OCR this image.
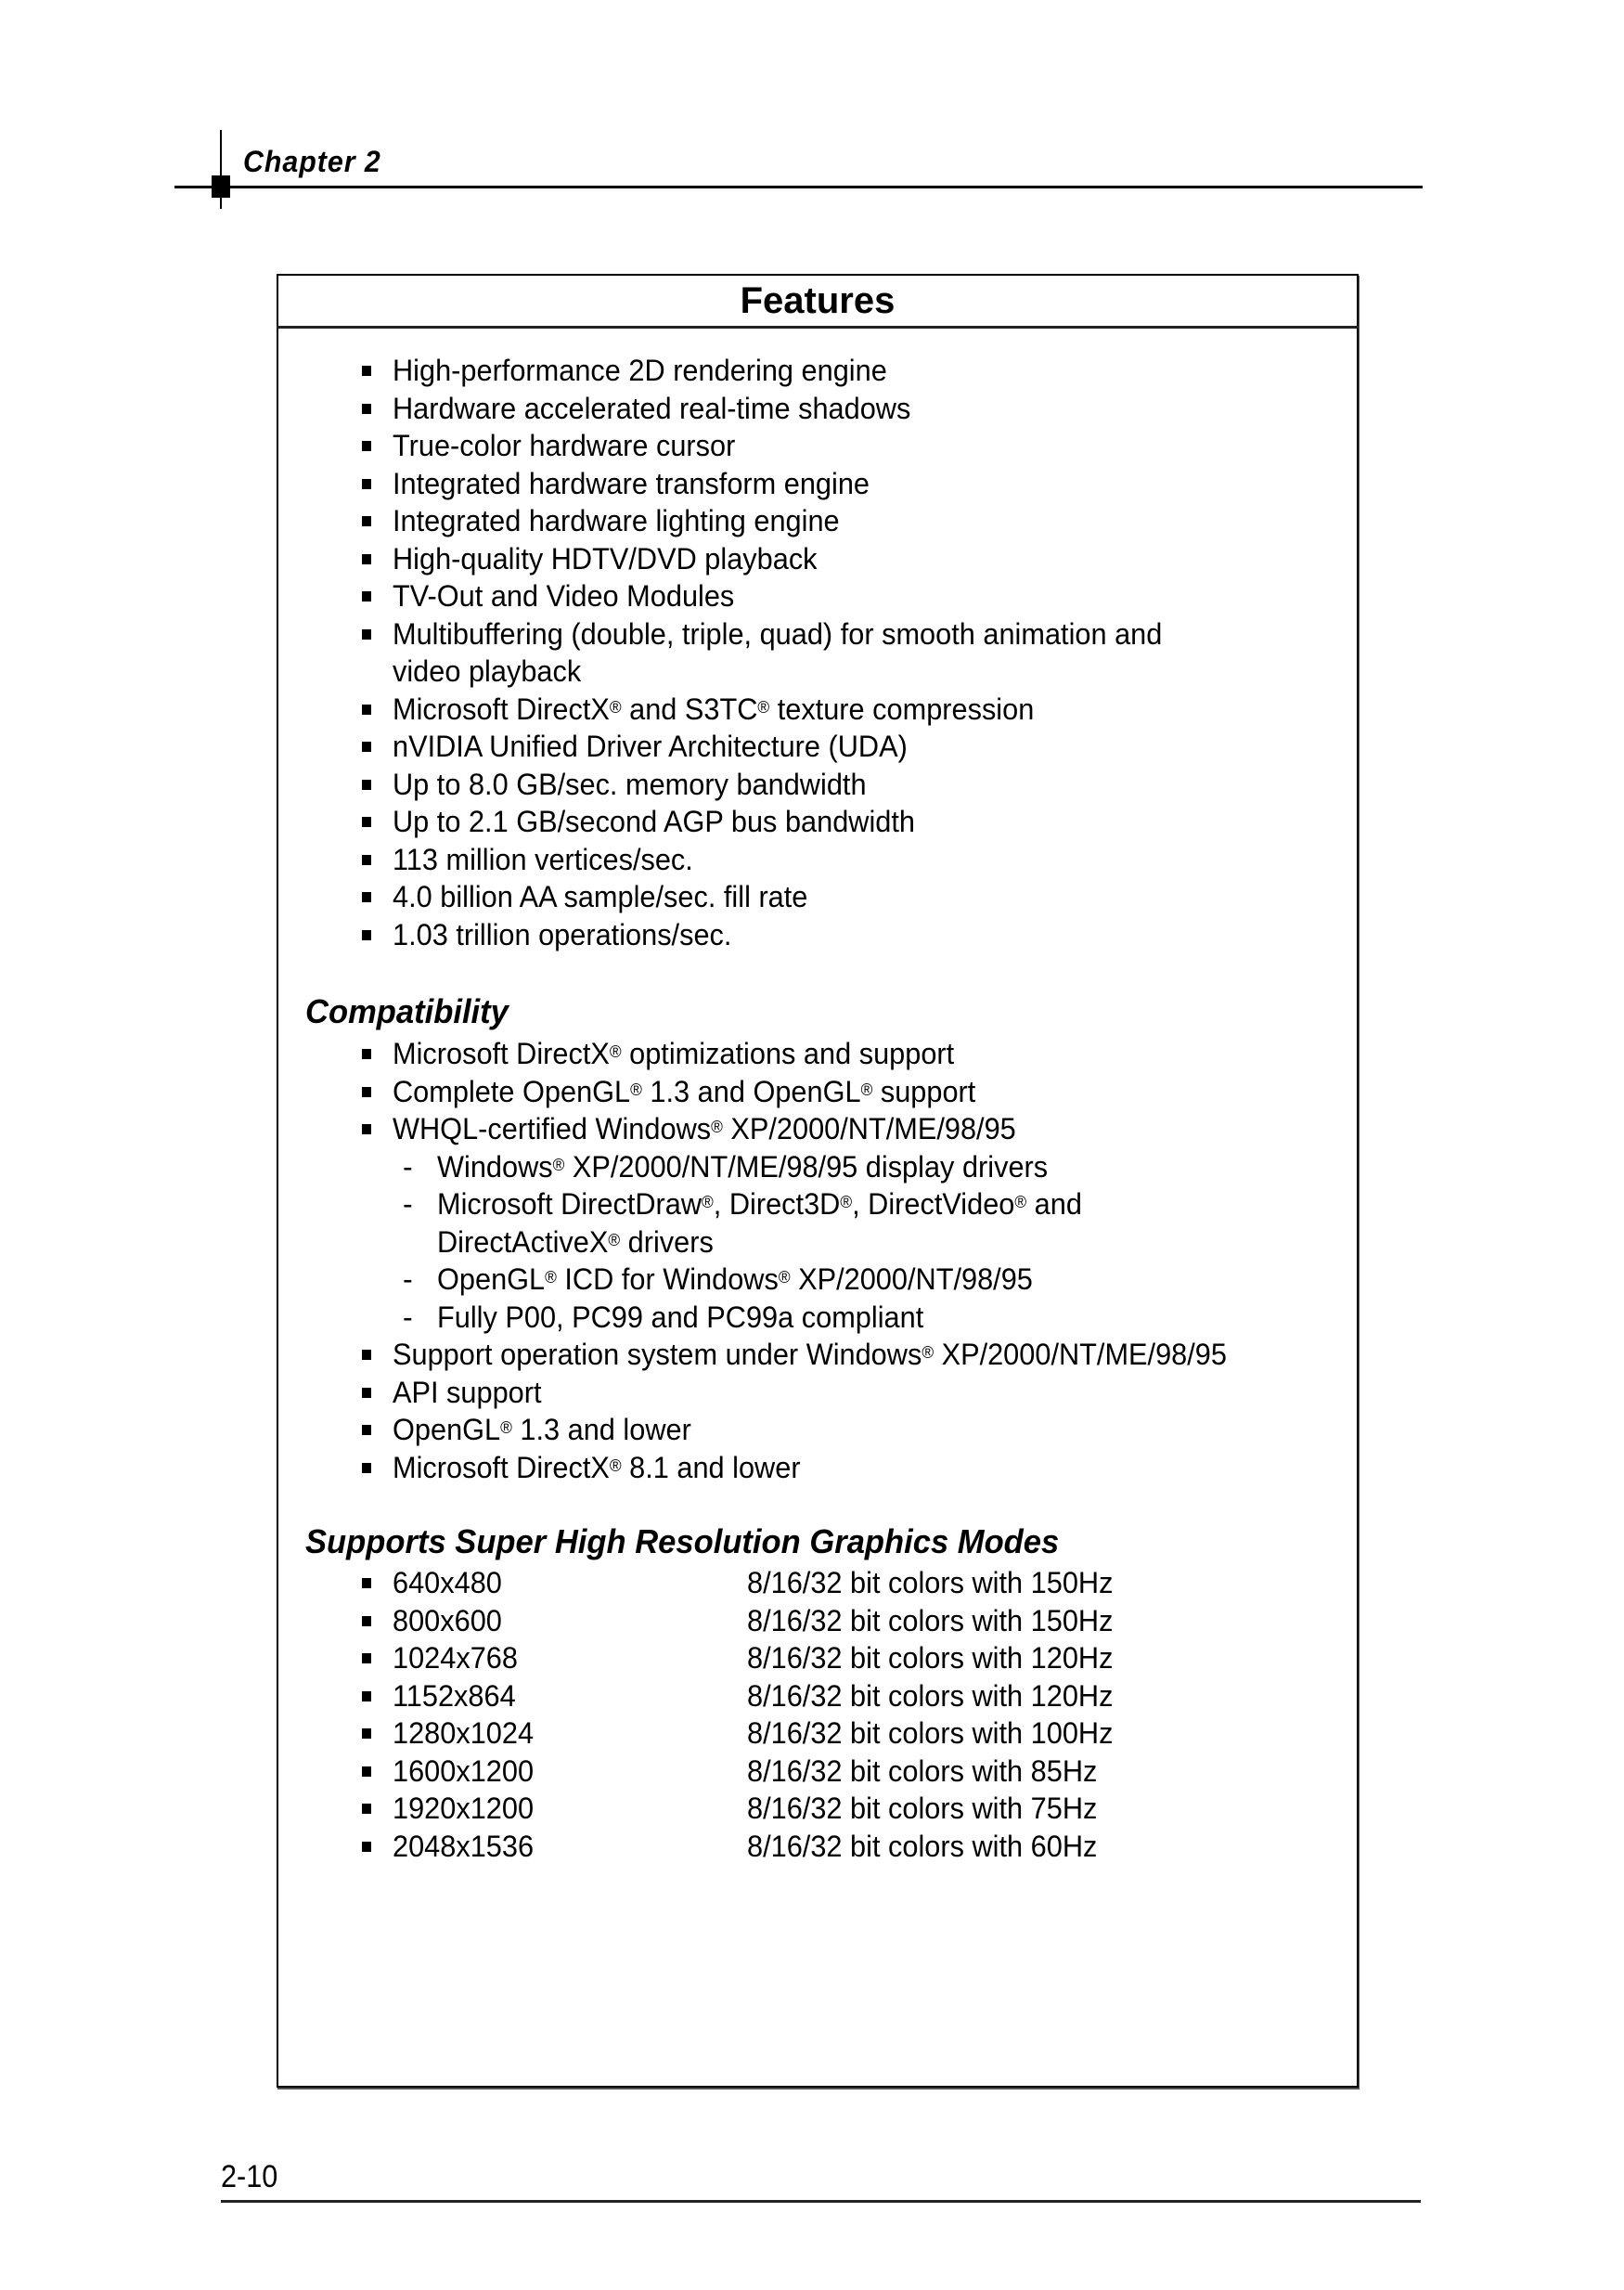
Chapter 2
Features
Compatibility
Supports Super High Resolution Graphics Modes
2-10
High-performance 2D rendering engine
Hardware accelerated real-time shadows
True-color hardware cursor
Integrated hardware transform engine
Integrated hardware lighting engine
High-quality HDTV/DVD playback
TV-Out and Video Modules
Multibuffering (double, triple, quad) for smooth animation and
video playback
Microsoft DirectX® and S3TC® texture compression
nVIDIA Unified Driver Architecture (UDA)
Up to 8.0 GB/sec. memory bandwidth
Up to 2.1 GB/second AGP bus bandwidth
113 million vertices/sec.
4.0 billion AA sample/sec. fill rate
1.03 trillion operations/sec.
Microsoft DirectX® optimizations and support
Complete OpenGL® 1.3 and OpenGL® support
WHQL-certified Windows® XP/2000/NT/ME/98/95
- Windows® XP/2000/NT/ME/98/95 display drivers
- Microsoft DirectDraw®, Direct3D®, DirectVideo® and
DirectActiveX® drivers
- OpenGL® ICD for Windows® XP/2000/NT/98/95
- Fully P00, PC99 and PC99a compliant
Support operation system under Windows® XP/2000/NT/ME/98/95
API support
OpenGL® 1.3 and lower
Microsoft DirectX® 8.1 and lower
640x480	8/16/32 bit colors with 150Hz
800x600	8/16/32 bit colors with 150Hz
1024x768	8/16/32 bit colors with 120Hz
1152x864	8/16/32 bit colors with 120Hz
1280x1024	8/16/32 bit colors with 100Hz
1600x1200	8/16/32 bit colors with 85Hz
1920x1200	8/16/32 bit colors with 75Hz
2048x1536	8/16/32 bit colors with 60Hz
